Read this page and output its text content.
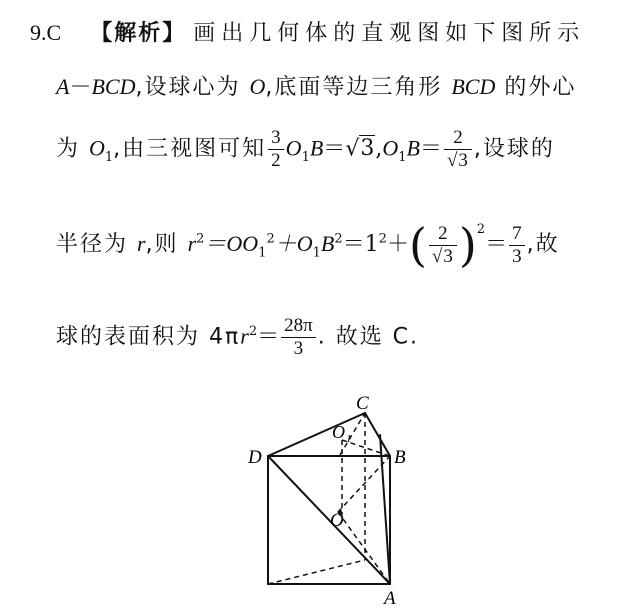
9.C 【解析】 画出几何体的直观图如下图所示
A－BCD,设球心为 O,底面等边三角形 BCD 的外心
为 $O_1$,由三视图可知 $\frac{3}{2} O_1B=√3,O_1B= \frac{2}{√3}$ ,设球的
半径为 r,则 $r^2=OO_1^2+O_1B^2=1^2+( \frac{2}{√3} )^2= \frac{7}{3}$ ,故
球的表面积为 $4\pi r^2= \frac{28\pi}{3}$ . 故选 C.
C
O 1
D	B
O
A
